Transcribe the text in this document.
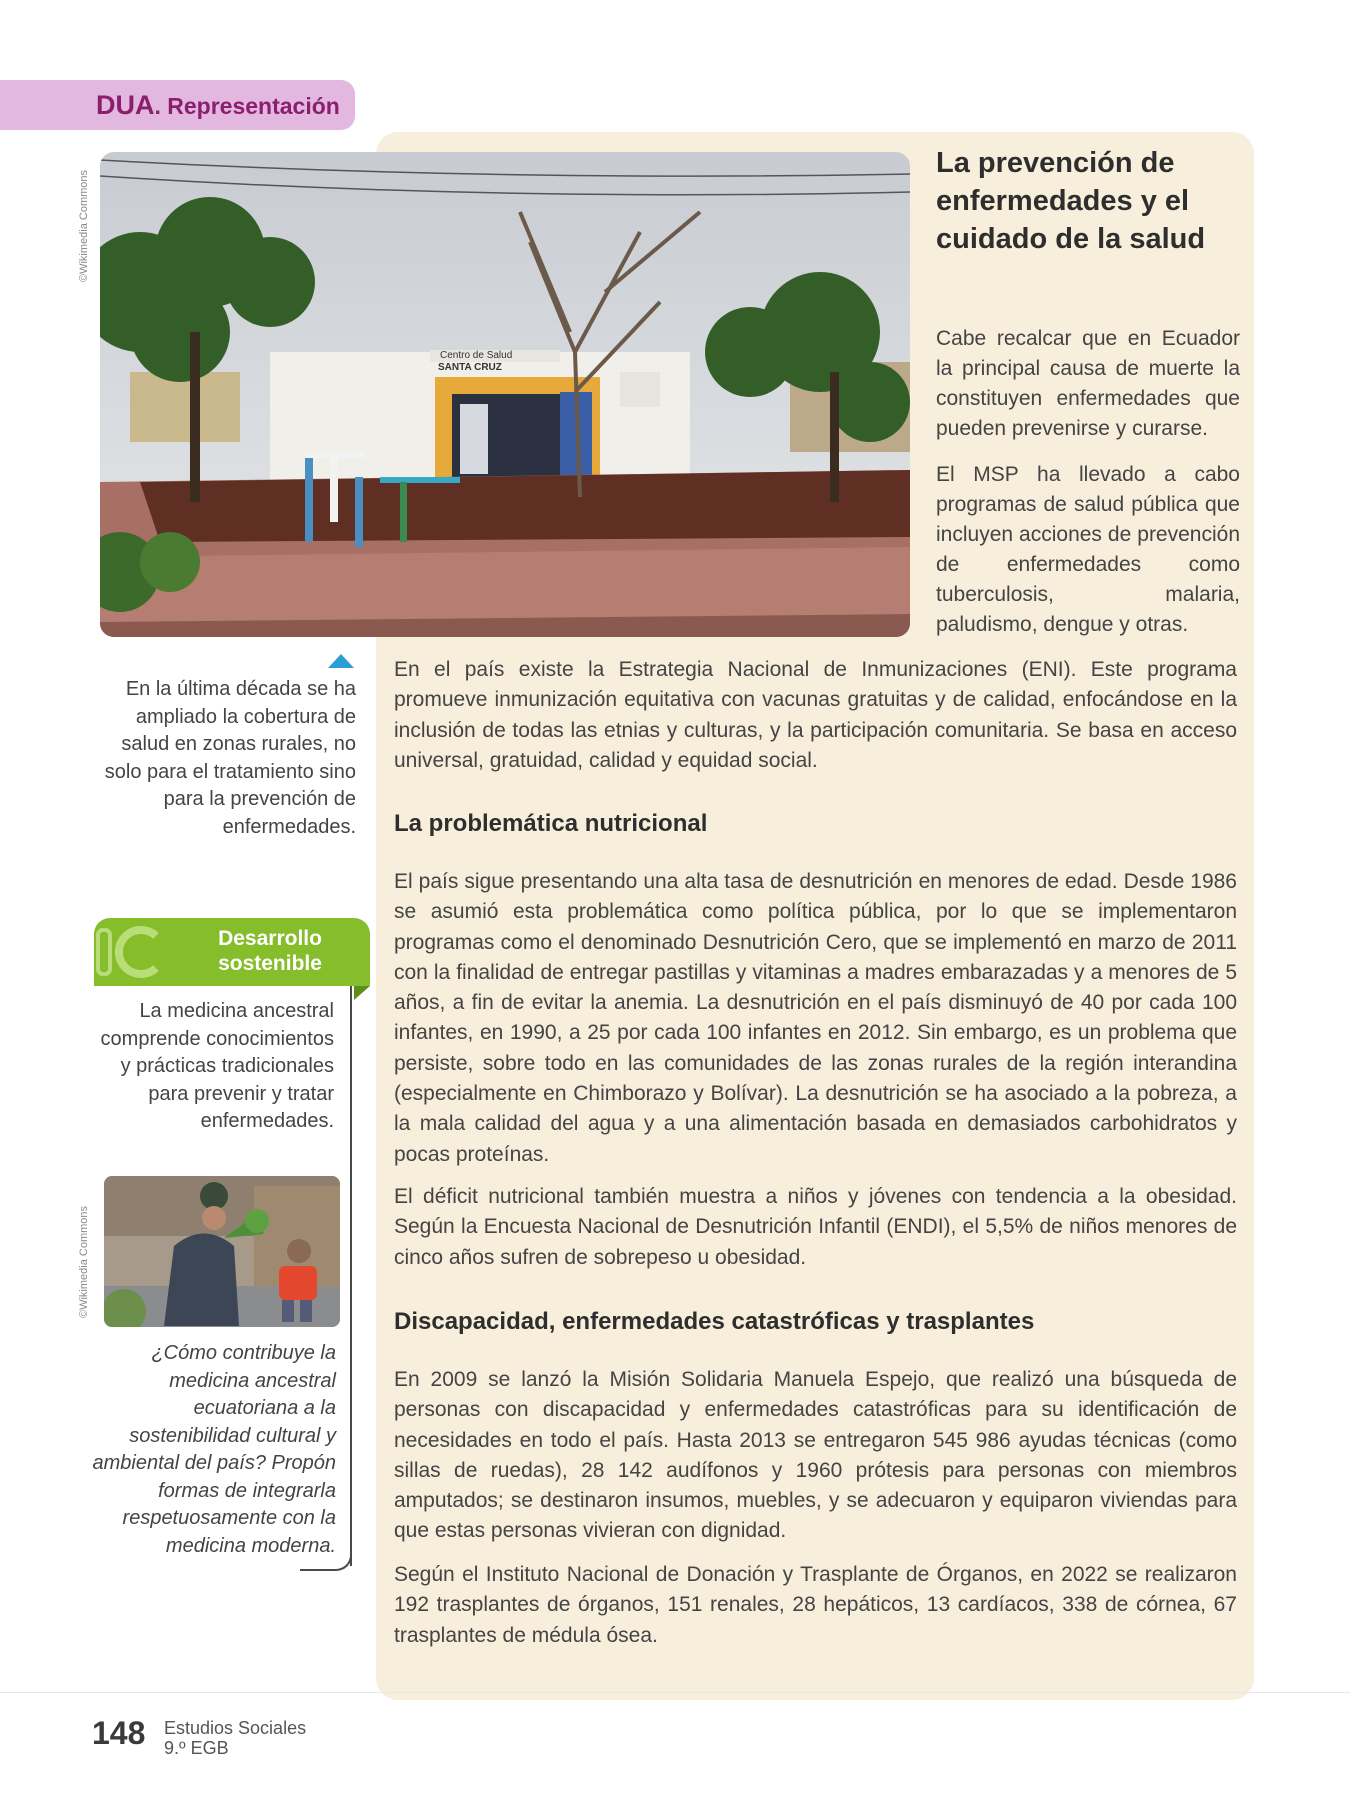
DUA. Representación
©Wikimedia Commons
Centro de Salud
SANTA CRUZ
La prevención de enfermedades y el cuidado de la salud
Cabe recalcar que en Ecuador la principal causa de muerte la constituyen enfermedades que pueden prevenirse y curarse.
El MSP ha llevado a cabo programas de salud pública que incluyen acciones de prevención de enfermedades como tuberculosis, malaria, paludismo, dengue y otras.
En la última década se ha ampliado la cobertura de salud en zonas rurales, no solo para el tratamiento sino para la prevención de enfermedades.
En el país existe la Estrategia Nacional de Inmunizaciones (ENI). Este programa promueve inmunización equitativa con vacunas gratuitas y de calidad, enfocándose en la inclusión de todas las etnias y culturas, y la participación comunitaria. Se basa en acceso universal, gratuidad, calidad y equidad social.
La problemática nutricional
El país sigue presentando una alta tasa de desnutrición en menores de edad. Desde 1986 se asumió esta problemática como política pública, por lo que se implementaron programas como el denominado Desnutrición Cero, que se implementó en marzo de 2011 con la finalidad de entregar pastillas y vitaminas a madres embarazadas y a menores de 5 años, a fin de evitar la anemia. La desnutrición en el país disminuyó de 40 por cada 100 infantes, en 1990, a 25 por cada 100 infantes en 2012. Sin embargo, es un problema que persiste, sobre todo en las comunidades de las zonas rurales de la región interandina (especialmente en Chimborazo y Bolívar). La desnutrición se ha asociado a la pobreza, a la mala calidad del agua y a una alimentación basada en demasiados carbohidratos y pocas proteínas.
El déficit nutricional también muestra a niños y jóvenes con tendencia a la obesidad. Según la Encuesta Nacional de Desnutrición Infantil (ENDI), el 5,5% de niños menores de cinco años sufren de sobrepeso u obesidad.
Discapacidad, enfermedades catastróficas y trasplantes
En 2009 se lanzó la Misión Solidaria Manuela Espejo, que realizó una búsqueda de personas con discapacidad y enfermedades catastróficas para su identificación de necesidades en todo el país. Hasta 2013 se entregaron 545 986 ayudas técnicas (como sillas de ruedas), 28 142 audífonos y 1960 prótesis para personas con miembros amputados; se destinaron insumos, muebles, y se adecuaron y equiparon viviendas para que estas personas vivieran con dignidad.
Según el Instituto Nacional de Donación y Trasplante de Órganos, en 2022 se realizaron 192 trasplantes de órganos, 151 renales, 28 hepáticos, 13 cardíacos, 338 de córnea, 67 trasplantes de médula ósea.
Desarrollo sostenible
La medicina ancestral comprende conocimientos y prácticas tradicionales para prevenir y tratar enfermedades.
©Wikimedia Commons
¿Cómo contribuye la medicina ancestral ecuatoriana a la sostenibilidad cultural y ambiental del país? Propón formas de integrarla respetuosamente con la medicina moderna.
148 Estudios Sociales
9.º EGB
